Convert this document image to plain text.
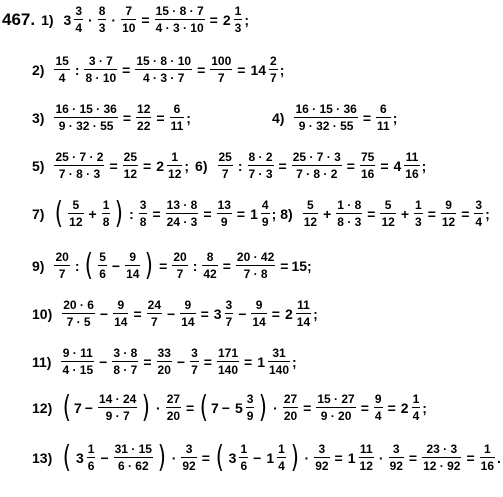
467. 1) $3 \frac{3}{4} \cdot \frac{8}{3} \cdot \frac{7}{10} = \frac{15 \cdot 8 \cdot 7}{4 \cdot 3 \cdot 10} = 2 \frac{1}{3}$ ;
$2) \frac{15}{4}$ : $\frac{3 \cdot 7}{8 \cdot 10} = \frac{15 \cdot 8 \cdot 10}{4 \cdot 3 \cdot 7} = \frac{100}{7} = 14 \frac{2}{7}$ ;
$3) \frac{16 \cdot 15 \cdot 36}{9 \cdot 32 \cdot 55} = \frac{12}{22} = \frac{6}{11}$ ;	$4) \frac{16 \cdot 15 \cdot 36}{9 \cdot 32 \cdot 55} = \frac{6}{11}$ ;
$5) \frac{25 \cdot 7 \cdot 2}{7 \cdot 8 \cdot 3} = \frac{25}{12} = 2 \frac{1}{12}$ ; $6) \frac{25}{7}$ : $\frac{8 \cdot 2}{7 \cdot 3} = \frac{25 \cdot 7 \cdot 3}{7 \cdot 8 \cdot 2} = \frac{75}{16} = 4 \frac{11}{16}$ ;
7) ( $\frac{5}{12} + \frac{1}{8}$ ) : $\frac{3}{8} = \frac{13 \cdot 8}{24 \cdot 3} = \frac{13}{9} = 1 \frac{4}{9}$ ; $8) \frac{5}{12} + \frac{1 \cdot 8}{8 \cdot 3} = \frac{5}{12} + \frac{1}{3} = \frac{9}{12} = \frac{3}{4}$ ;
$9) \frac{20}{7}$ : ( $\frac{5}{6} - \frac{9}{14}$ ) = $\frac{20}{7}$ : $\frac{8}{42} = \frac{20 \cdot 42}{7 \cdot 8} = 15$ ;
$10) \frac{20 \cdot 6}{7 \cdot 5} - \frac{9}{14} = \frac{24}{7} - \frac{9}{14} = 3 \frac{3}{7} - \frac{9}{14} = 2 \frac{11}{14}$ ;
$11) \frac{9 \cdot 11}{4 \cdot 15} - \frac{3 \cdot 8}{8 \cdot 7} = \frac{33}{20} - \frac{3}{7} = \frac{171}{140} = 1 \frac{31}{140}$ ;
12) ( $7 - \frac{14 \cdot 24}{9 \cdot 7}$ ) · $\frac{27}{20}$ = ( $7 - 5 \frac{3}{9}$ ) · $\frac{27}{20} = \frac{15 \cdot 27}{9 \cdot 20} = \frac{9}{4} = 2 \frac{1}{4}$ ;
13) ( $3 \frac{1}{6} - \frac{31 \cdot 15}{6 \cdot 62}$ ) · $\frac{3}{92}$ = ( $3 \frac{1}{6} - 1 \frac{1}{4}$ ) · $\frac{3}{92} = 1 \frac{11}{12} \cdot \frac{3}{92} = \frac{23 \cdot 3}{12 \cdot 92} = \frac{1}{16}$ .
